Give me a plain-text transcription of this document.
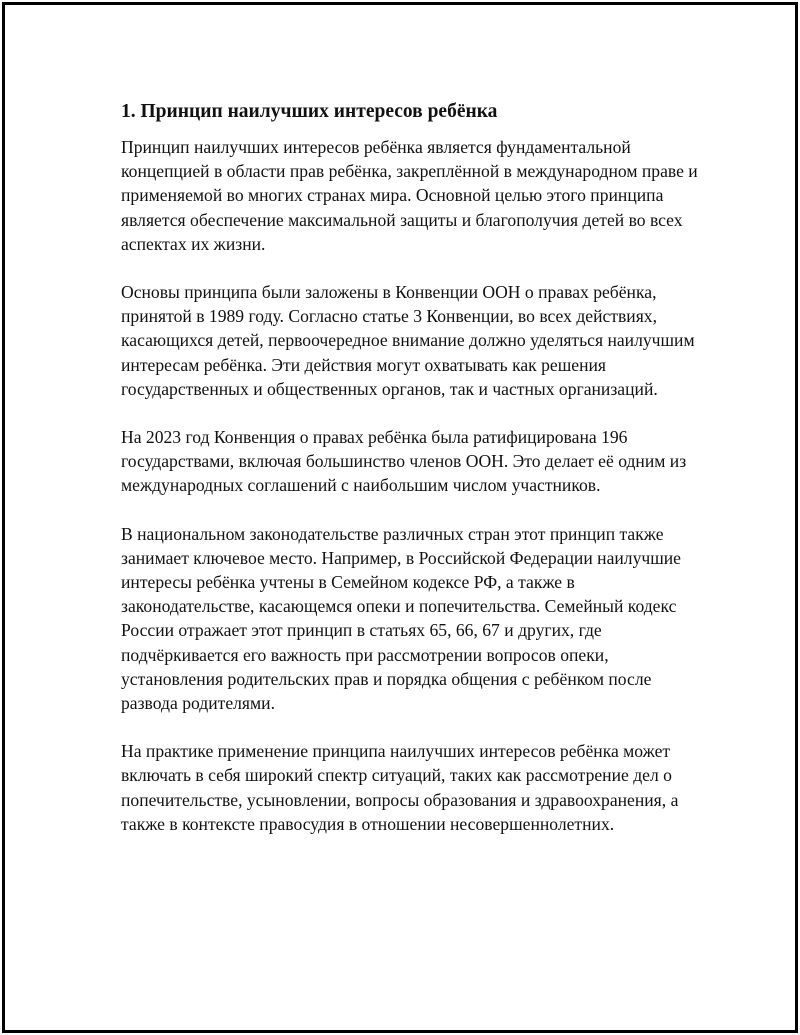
1. Принцип наилучших интересов ребёнка

Принцип наилучших интересов ребёнка является фундаментальной концепцией в области прав ребёнка, закреплённой в международном праве и применяемой во многих странах мира. Основной целью этого принципа является обеспечение максимальной защиты и благополучия детей во всех аспектах их жизни.

Основы принципа были заложены в Конвенции ООН о правах ребёнка, принятой в 1989 году. Согласно статье 3 Конвенции, во всех действиях, касающихся детей, первоочередное внимание должно уделяться наилучшим интересам ребёнка. Эти действия могут охватывать как решения государственных и общественных органов, так и частных организаций.

На 2023 год Конвенция о правах ребёнка была ратифицирована 196 государствами, включая большинство членов ООН. Это делает её одним из международных соглашений с наибольшим числом участников.

В национальном законодательстве различных стран этот принцип также занимает ключевое место. Например, в Российской Федерации наилучшие интересы ребёнка учтены в Семейном кодексе РФ, а также в законодательстве, касающемся опеки и попечительства. Семейный кодекс России отражает этот принцип в статьях 65, 66, 67 и других, где подчёркивается его важность при рассмотрении вопросов опеки, установления родительских прав и порядка общения с ребёнком после развода родителями.

На практике применение принципа наилучших интересов ребёнка может включать в себя широкий спектр ситуаций, таких как рассмотрение дел о попечительстве, усыновлении, вопросы образования и здравоохранения, а также в контексте правосудия в отношении несовершеннолетних.
